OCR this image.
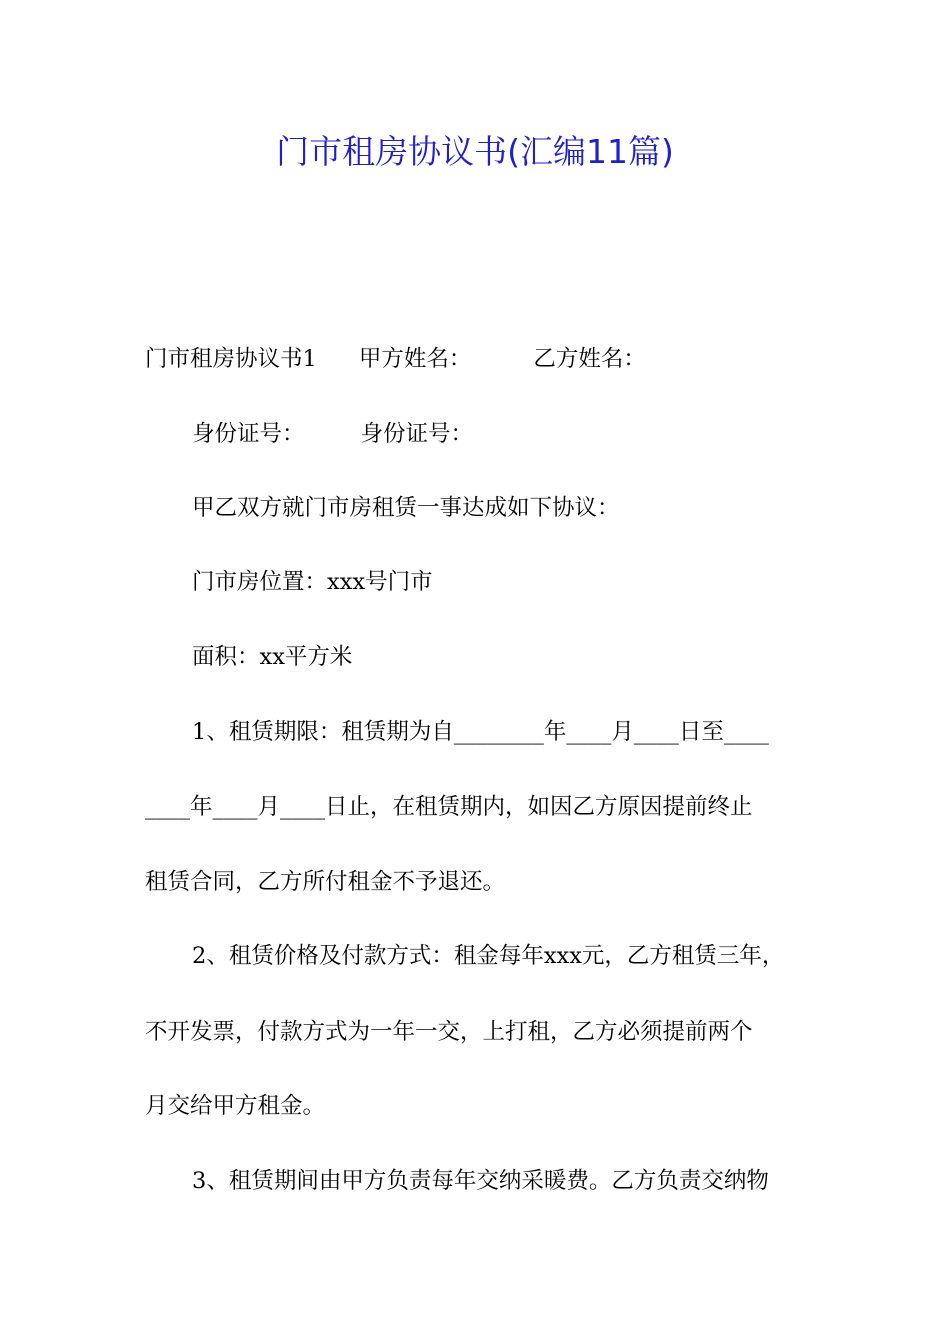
门市租房协议书(汇编11篇)
门市租房协议书1 甲方姓名：	乙方姓名：
身份证号： 身份证号：

甲乙双方就门市房租赁一事达成如下协议：

门市房位置：xxx号门市

面积：xx平方米

1、租赁期限：租赁期为自________年____月____日至____

____年____月____日止，在租赁期内，如因乙方原因提前终止

租赁合同，乙方所付租金不予退还。

2、租赁价格及付款方式：租金每年xxx元，乙方租赁三年，

不开发票，付款方式为一年一交，上打租，乙方必须提前两个

月交给甲方租金。

3、租赁期间由甲方负责每年交纳采暖费。乙方负责交纳物
